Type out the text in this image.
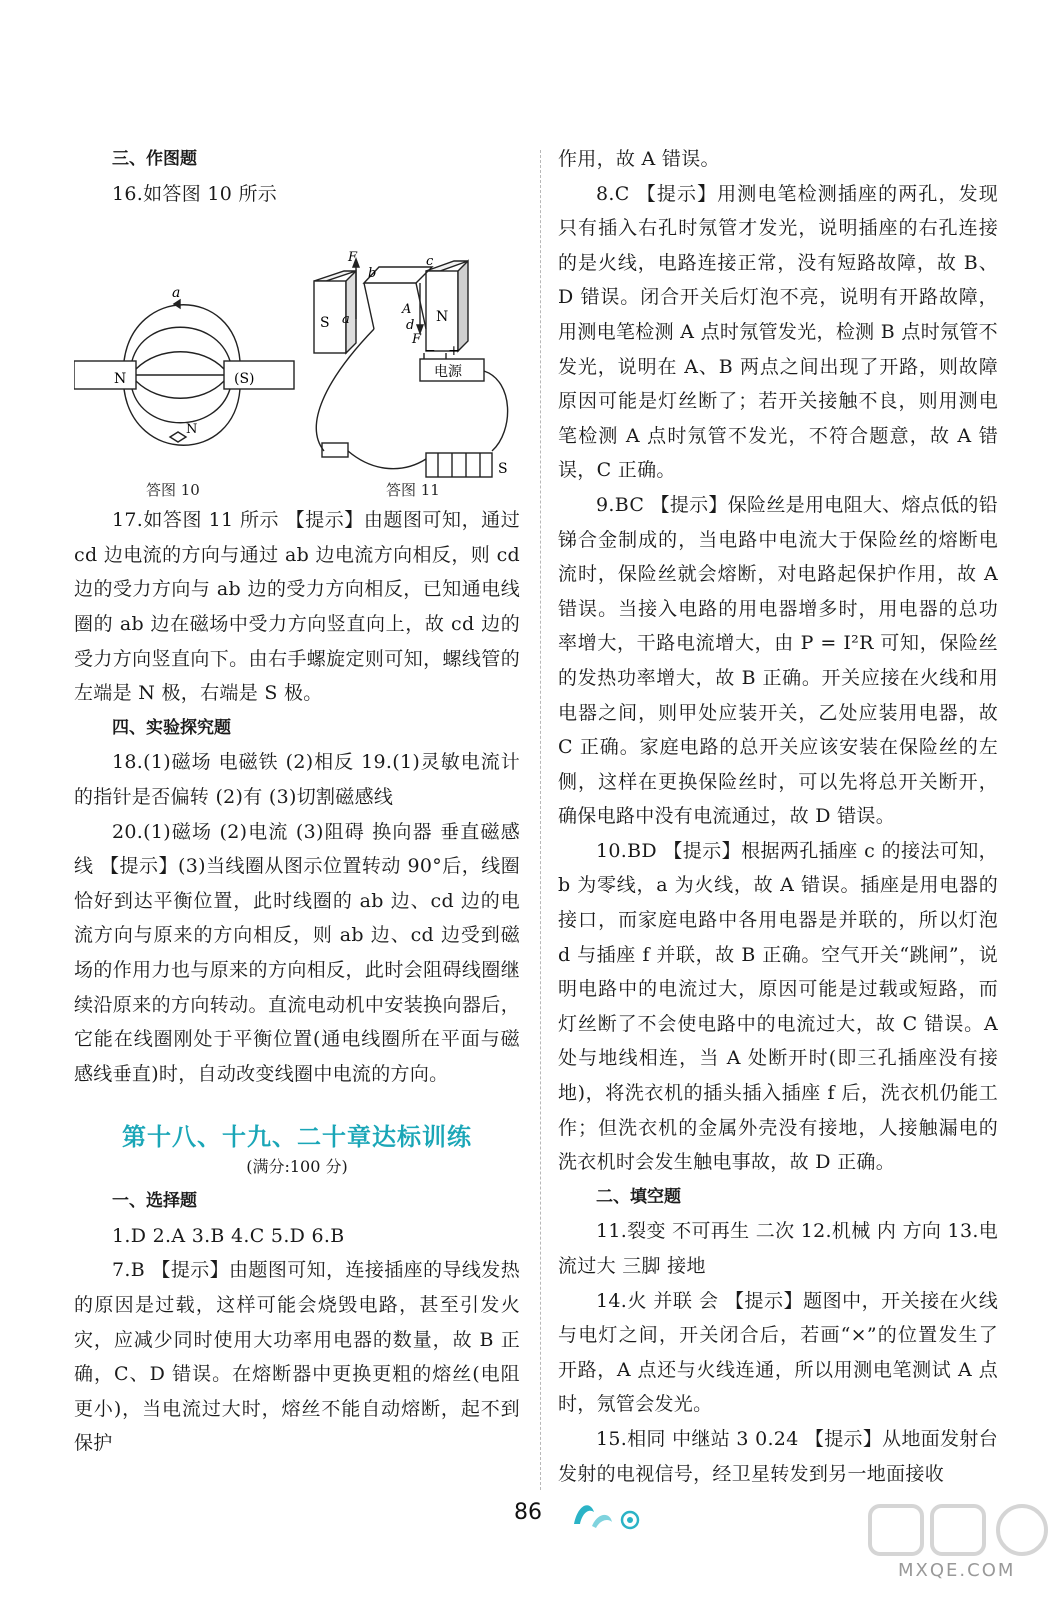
三、作图题

16.如答图 10 所示

N	(S)
a
N
S	N
F
b
c
a
A
d
F
− +
电源
S
答图 10	答图 11

17.如答图 11 所示 【提示】由题图可知，通过 cd 边电流的方向与通过 ab 边电流方向相反，则 cd 边的受力方向与 ab 边的受力方向相反，已知通电线圈的 ab 边在磁场中受力方向竖直向上，故 cd 边的受力方向竖直向下。由右手螺旋定则可知，螺线管的左端是 N 极，右端是 S 极。

四、实验探究题

18.(1)磁场 电磁铁 (2)相反 19.(1)灵敏电流计的指针是否偏转 (2)有 (3)切割磁感线

20.(1)磁场 (2)电流 (3)阻碍 换向器 垂直磁感线 【提示】(3)当线圈从图示位置转动 90°后，线圈恰好到达平衡位置，此时线圈的 ab 边、cd 边的电流方向与原来的方向相反，则 ab 边、cd 边受到磁场的作用力也与原来的方向相反，此时会阻碍线圈继续沿原来的方向转动。直流电动机中安装换向器后，它能在线圈刚处于平衡位置(通电线圈所在平面与磁感线垂直)时，自动改变线圈中电流的方向。

第十八、十九、二十章达标训练

(满分:100 分)

一、选择题

1.D 2.A 3.B 4.C 5.D 6.B

7.B 【提示】由题图可知，连接插座的导线发热的原因是过载，这样可能会烧毁电路，甚至引发火灾，应减少同时使用大功率用电器的数量，故 B 正确，C、D 错误。在熔断器中更换更粗的熔丝(电阻更小)，当电流过大时，熔丝不能自动熔断，起不到保护

作用，故 A 错误。

8.C 【提示】用测电笔检测插座的两孔，发现只有插入右孔时氖管才发光，说明插座的右孔连接的是火线，电路连接正常，没有短路故障，故 B、D 错误。闭合开关后灯泡不亮，说明有开路故障，用测电笔检测 A 点时氖管发光，检测 B 点时氖管不发光，说明在 A、B 两点之间出现了开路，则故障原因可能是灯丝断了；若开关接触不良，则用测电笔检测 A 点时氖管不发光，不符合题意，故 A 错误，C 正确。

9.BC 【提示】保险丝是用电阻大、熔点低的铅锑合金制成的，当电路中电流大于保险丝的熔断电流时，保险丝就会熔断，对电路起保护作用，故 A 错误。当接入电路的用电器增多时，用电器的总功率增大，干路电流增大，由 P = I²R 可知，保险丝的发热功率增大，故 B 正确。开关应接在火线和用电器之间，则甲处应装开关，乙处应装用电器，故 C 正确。家庭电路的总开关应该安装在保险丝的左侧，这样在更换保险丝时，可以先将总开关断开，确保电路中没有电流通过，故 D 错误。

10.BD 【提示】根据两孔插座 c 的接法可知，b 为零线，a 为火线，故 A 错误。插座是用电器的接口，而家庭电路中各用电器是并联的，所以灯泡 d 与插座 f 并联，故 B 正确。空气开关“跳闸”，说明电路中的电流过大，原因可能是过载或短路，而灯丝断了不会使电路中的电流过大，故 C 错误。A 处与地线相连，当 A 处断开时(即三孔插座没有接地)，将洗衣机的插头插入插座 f 后，洗衣机仍能工作；但洗衣机的金属外壳没有接地，人接触漏电的洗衣机时会发生触电事故，故 D 正确。

二、填空题

11.裂变 不可再生 二次 12.机械 内 方向 13.电流过大 三脚 接地

14.火 并联 会 【提示】题图中，开关接在火线与电灯之间，开关闭合后，若画“×”的位置发生了开路，A 点还与火线连通，所以用测电笔测试 A 点时，氖管会发光。

15.相同 中继站 3 0.24 【提示】从地面发射台发射的电视信号，经卫星转发到另一地面接收

86
MXQE.COM
